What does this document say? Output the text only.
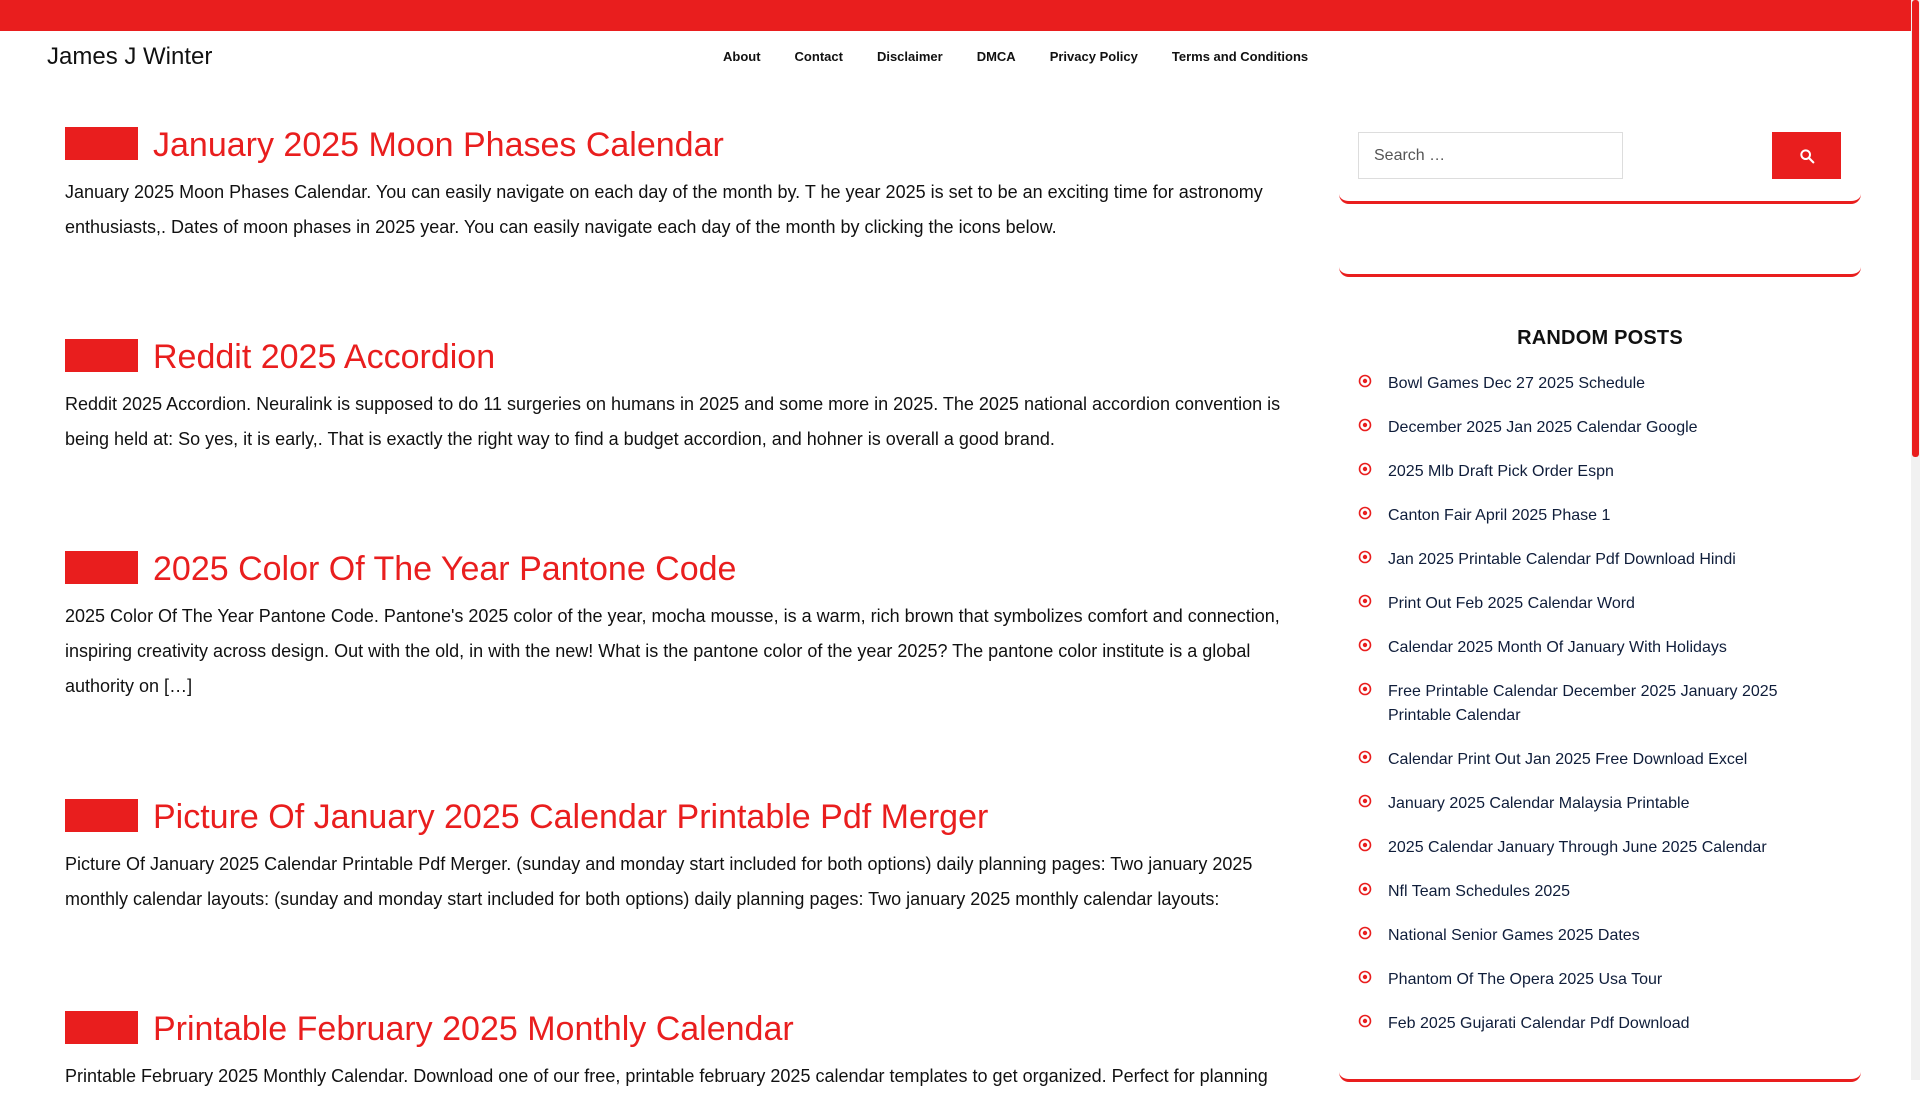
James J Winter	About	Contact	Disclaimer	DMCA	Privacy Policy	Terms and Conditions
January 2025 Moon Phases Calendar

January 2025 Moon Phases Calendar. You can easily navigate on each day of the month by. T he year 2025 is set to be an exciting time for astronomy enthusiasts,. Dates of moon phases in 2025 year. You can easily navigate each day of the month by clicking the icons below.

Reddit 2025 Accordion

Reddit 2025 Accordion. Neuralink is supposed to do 11 surgeries on humans in 2025 and some more in 2025. The 2025 national accordion convention is being held at: So yes, it is early,. That is exactly the right way to find a budget accordion, and hohner is overall a good brand.

2025 Color Of The Year Pantone Code

2025 Color Of The Year Pantone Code. Pantone's 2025 color of the year, mocha mousse, is a warm, rich brown that symbolizes comfort and connection, inspiring creativity across design. Out with the old, in with the new! What is the pantone color of the year 2025? The pantone color institute is a global authority on […]

Picture Of January 2025 Calendar Printable Pdf Merger

Picture Of January 2025 Calendar Printable Pdf Merger. (sunday and monday start included for both options) daily planning pages: Two january 2025 monthly calendar layouts: (sunday and monday start included for both options) daily planning pages: Two january 2025 monthly calendar layouts:

Printable February 2025 Monthly Calendar

Printable February 2025 Monthly Calendar. Download one of our free, printable february 2025 calendar templates to get organized. Perfect for planning

Search …
RANDOM POSTS
Bowl Games Dec 27 2025 Schedule
December 2025 Jan 2025 Calendar Google
2025 Mlb Draft Pick Order Espn
Canton Fair April 2025 Phase 1
Jan 2025 Printable Calendar Pdf Download Hindi
Print Out Feb 2025 Calendar Word
Calendar 2025 Month Of January With Holidays
Free Printable Calendar December 2025 January 2025 Printable Calendar
Calendar Print Out Jan 2025 Free Download Excel
January 2025 Calendar Malaysia Printable
2025 Calendar January Through June 2025 Calendar
Nfl Team Schedules 2025
National Senior Games 2025 Dates
Phantom Of The Opera 2025 Usa Tour
Feb 2025 Gujarati Calendar Pdf Download
